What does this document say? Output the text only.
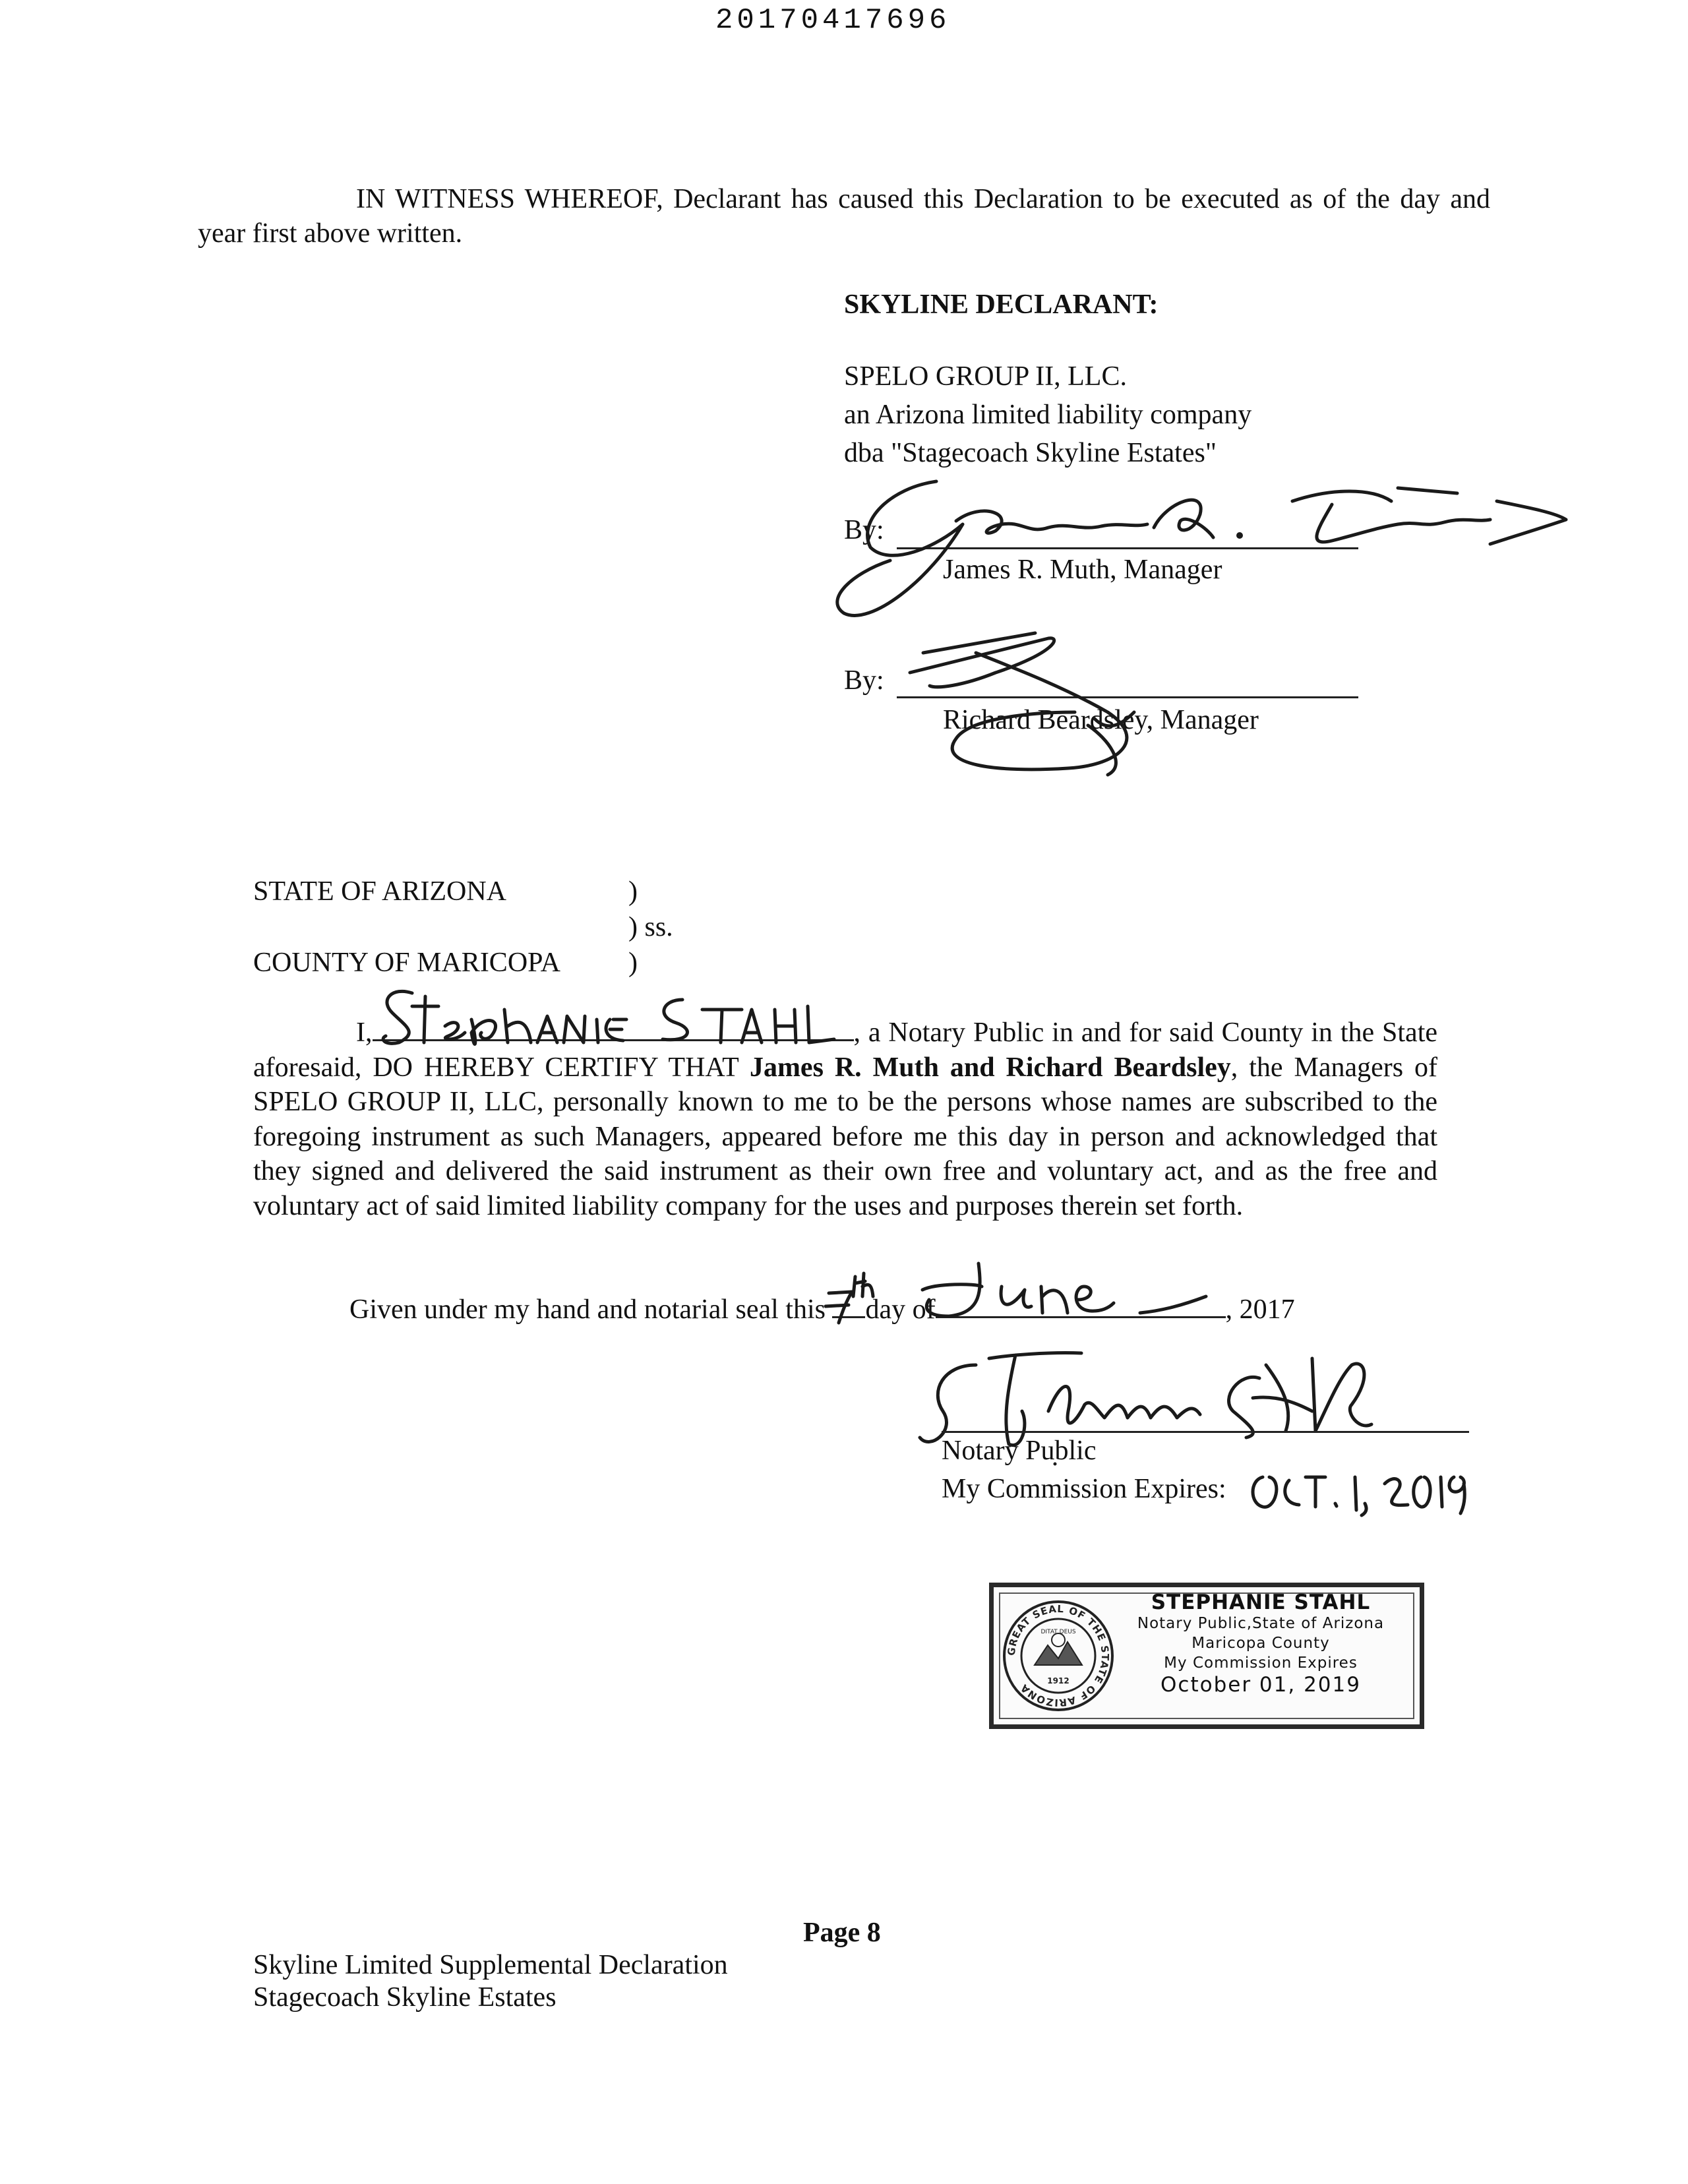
20170417696
IN WITNESS WHEREOF, Declarant has caused this Declaration to be executed as of the day and year first above written.
SKYLINE DECLARANT:
SPELO GROUP II, LLC.
an Arizona limited liability company
dba "Stagecoach Skyline Estates"
By:
James R. Muth, Manager
By:
Richard Beardsley, Manager
STATE OF ARIZONA	)
) ss.
COUNTY OF MARICOPA )
I,	, a Notary Public in and for said County in the State aforesaid, DO HEREBY CERTIFY THAT James R. Muth and Richard Beardsley, the Managers of SPELO GROUP II, LLC, personally known to me to be the persons whose names are subscribed to the foregoing instrument as such Managers, appeared before me this day in person and acknowledged that they signed and delivered the said instrument as their own free and voluntary act, and as the free and voluntary act of said limited liability company for the uses and purposes therein set forth.
Given under my hand and notarial seal this day of	, 2017
Notary Public
My Commission Expires:
GREAT SEAL OF THE STATE OF ARIZONA
DITAT DEUS
1912
STEPHANIE STAHL
Notary Public,State of Arizona
Maricopa County
My Commission Expires
October 01, 2019
Page 8
Skyline Limited Supplemental Declaration
Stagecoach Skyline Estates
